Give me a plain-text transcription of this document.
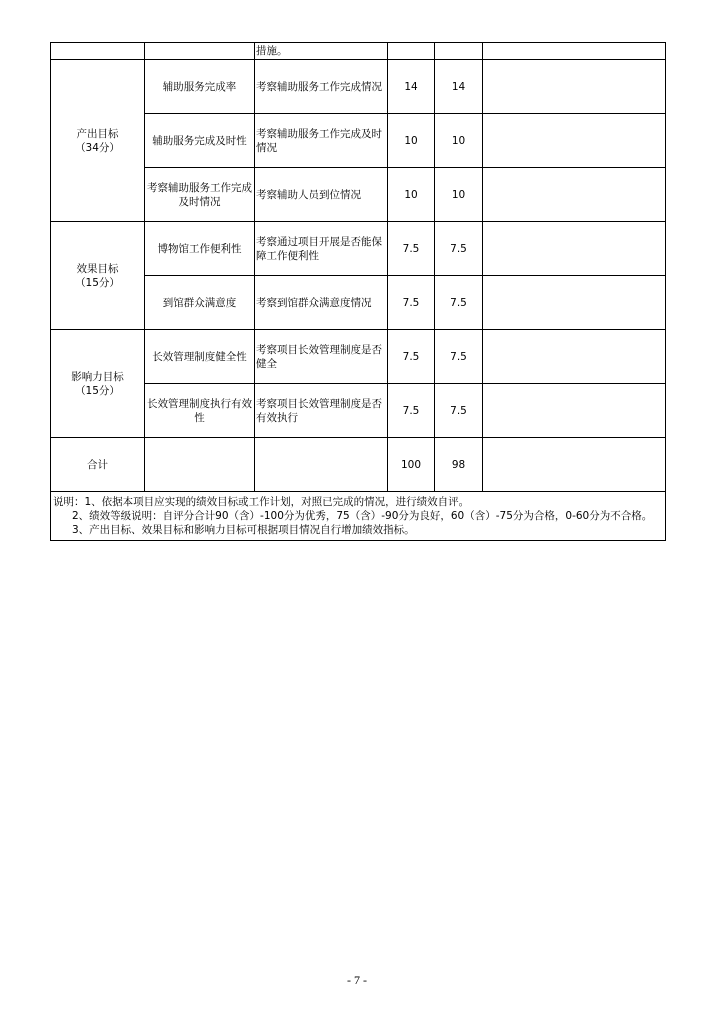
		措施。			

产出目标
（34分）	辅助服务完成率	考察辅助服务工作完成情况	14	14	
	辅助服务完成及时性	考察辅助服务工作完成及时情况	10	10	
	考察辅助服务工作完成及时情况	考察辅助人员到位情况	10	10	

效果目标
（15分）	博物馆工作便利性	考察通过项目开展是否能保障工作便利性	7.5	7.5	
	到馆群众满意度	考察到馆群众满意度情况	7.5	7.5	

影响力目标
（15分）	长效管理制度健全性	考察项目长效管理制度是否健全	7.5	7.5	
	长效管理制度执行有效性	考察项目长效管理制度是否有效执行	7.5	7.5	
合计			100	98	

说明：1、依据本项目应实现的绩效目标或工作计划，对照已完成的情况，进行绩效自评。
2、绩效等级说明：自评分合计90（含）-100分为优秀，75（含）-90分为良好，60（含）-75分为合格，0-60分为不合格。
3、产出目标、效果目标和影响力目标可根据项目情况自行增加绩效指标。					
- 7 -
